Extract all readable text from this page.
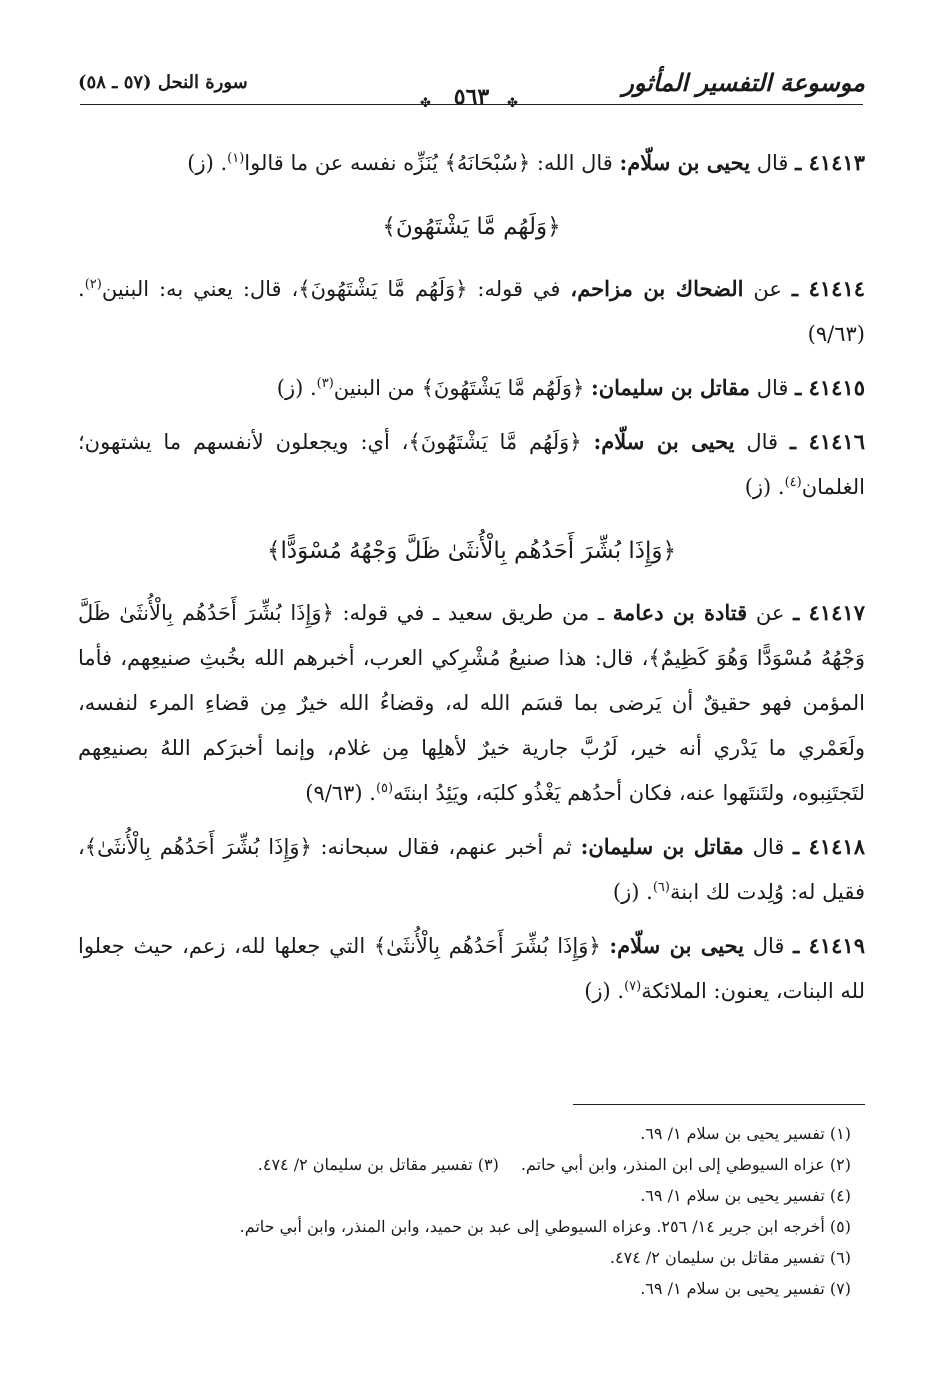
موسوعة التفسير المأثور
٥٦٣
سورة النحل (٥٧ ـ ٥٨)
✤	✤

٤١٤١٣ ـ قال يحيى بن سلّام: قال الله: ﴿سُبْحَانَهُ﴾ يُنَزِّه نفسه عن ما قالوا$^{(١)}$. (ز)

﴿وَلَهُم مَّا يَشْتَهُونَ﴾

٤١٤١٤ ـ عن الضحاك بن مزاحم، في قوله: ﴿وَلَهُم مَّا يَشْتَهُونَ﴾، قال: يعني به: البنين$^{(٢)}$. (٩/٦٣)

٤١٤١٥ ـ قال مقاتل بن سليمان: ﴿وَلَهُم مَّا يَشْتَهُونَ﴾ من البنين$^{(٣)}$. (ز)

٤١٤١٦ ـ قال يحيى بن سلّام: ﴿وَلَهُم مَّا يَشْتَهُونَ﴾، أي: ويجعلون لأنفسهم ما يشتهون؛ الغلمان$^{(٤)}$. (ز)

﴿وَإِذَا بُشِّرَ أَحَدُهُم بِالْأُنثَىٰ ظَلَّ وَجْهُهُ مُسْوَدًّا﴾

٤١٤١٧ ـ عن قتادة بن دعامة ـ من طريق سعيد ـ في قوله: ﴿وَإِذَا بُشِّرَ أَحَدُهُم بِالْأُنثَىٰ ظَلَّ وَجْهُهُ مُسْوَدًّا وَهُوَ كَظِيمٌ﴾، قال: هذا صنيعُ مُشْرِكي العرب، أخبرهم الله بخُبثِ صنيعِهم، فأما المؤمن فهو حقيقٌ أن يَرضى بما قسَم الله له، وقضاءُ الله خيرٌ مِن قضاءِ المرء لنفسه، ولَعَمْري ما يَدْري أنه خير، لَرُبَّ جارية خيرٌ لأهلِها مِن غلام، وإنما أخبرَكم اللهُ بصنيعِهم لتَجتَنِبوه، ولتَنتَهوا عنه، فكان أحدُهم يَغْذُو كلبَه، ويَئِدُ ابنتَه$^{(٥)}$. (٩/٦٣)

٤١٤١٨ ـ قال مقاتل بن سليمان: ثم أخبر عنهم، فقال سبحانه: ﴿وَإِذَا بُشِّرَ أَحَدُهُم بِالْأُنثَىٰ﴾، فقيل له: وُلِدت لك ابنة$^{(٦)}$. (ز)

٤١٤١٩ ـ قال يحيى بن سلّام: ﴿وَإِذَا بُشِّرَ أَحَدُهُم بِالْأُنثَىٰ﴾ التي جعلها لله، زعم، حيث جعلوا لله البنات، يعنون: الملائكة$^{(٧)}$. (ز)

(١) تفسير يحيى بن سلام ١/ ٦٩.

(٢) عزاه السيوطي إلى ابن المنذر، وابن أبي حاتم.
(٣) تفسير مقاتل بن سليمان ٢/ ٤٧٤.

(٤) تفسير يحيى بن سلام ١/ ٦٩.

(٥) أخرجه ابن جرير ١٤/ ٢٥٦. وعزاه السيوطي إلى عبد بن حميد، وابن المنذر، وابن أبي حاتم.

(٦) تفسير مقاتل بن سليمان ٢/ ٤٧٤.

(٧) تفسير يحيى بن سلام ١/ ٦٩.
